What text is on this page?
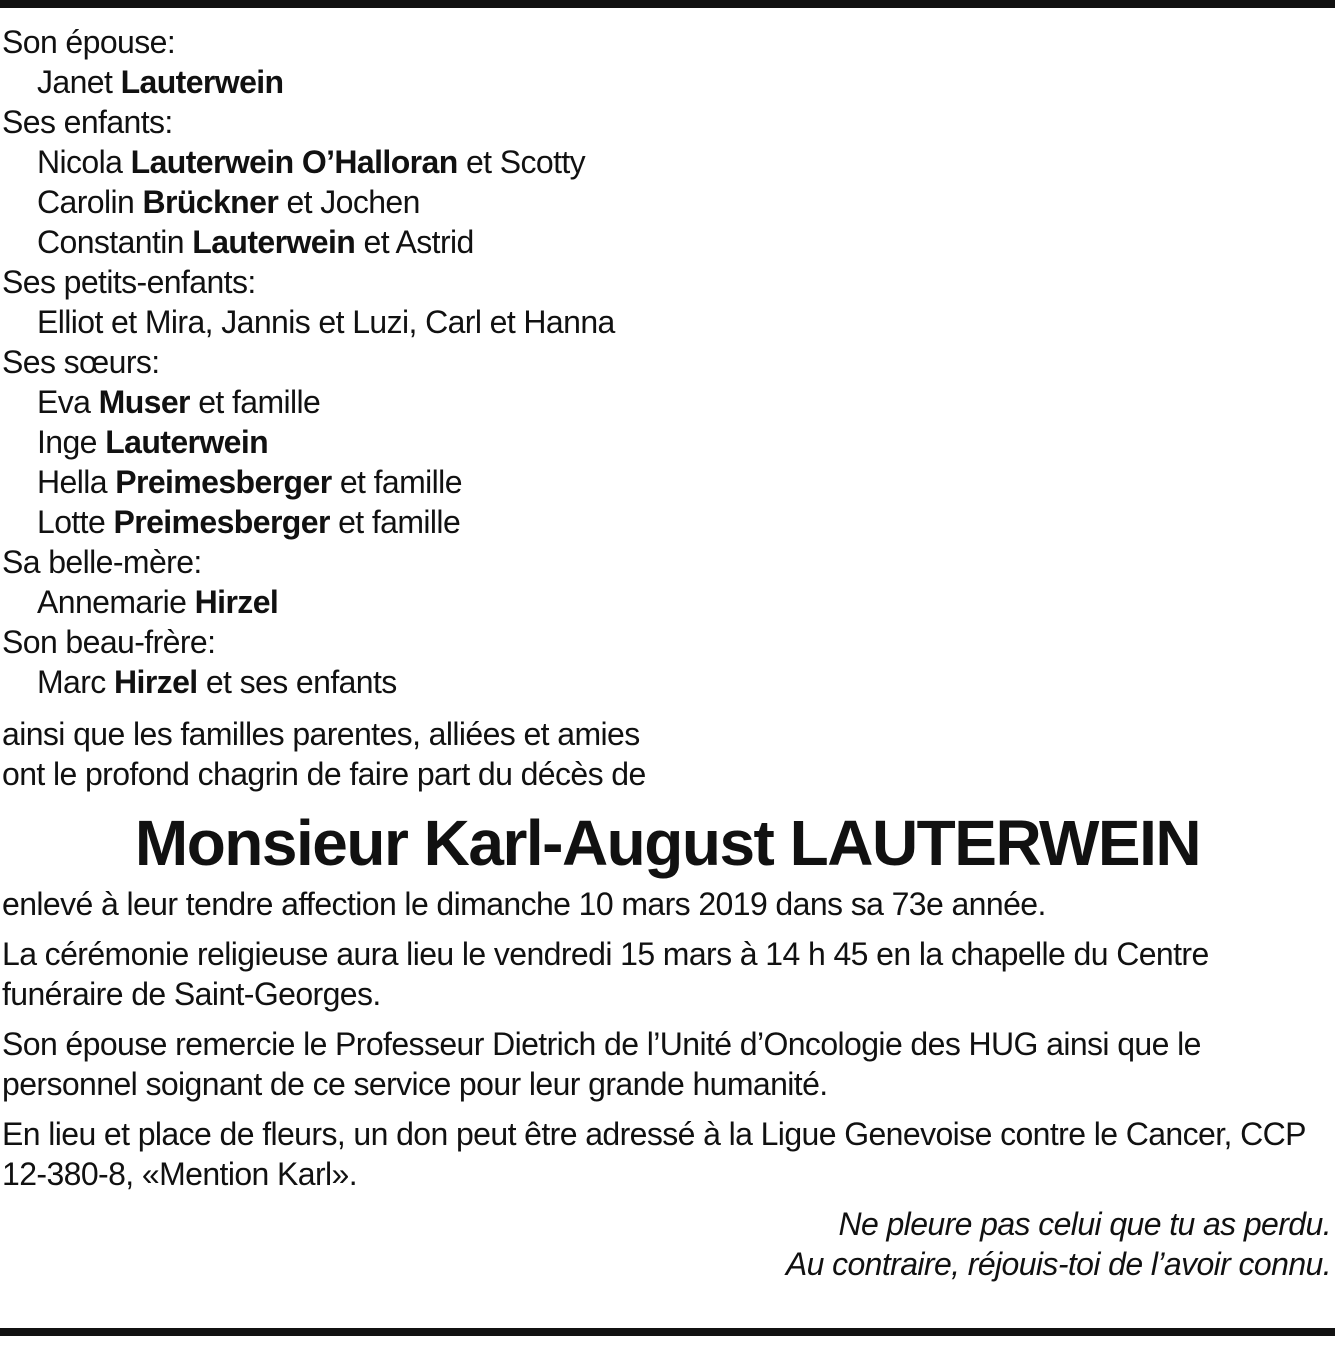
Son épouse:
Janet Lauterwein
Ses enfants:
Nicola Lauterwein O’Halloran et Scotty
Carolin Brückner et Jochen
Constantin Lauterwein et Astrid
Ses petits-enfants:
Elliot et Mira, Jannis et Luzi, Carl et Hanna
Ses sœurs:
Eva Muser et famille
Inge Lauterwein
Hella Preimesberger et famille
Lotte Preimesberger et famille
Sa belle-mère:
Annemarie Hirzel
Son beau-frère:
Marc Hirzel et ses enfants

ainsi que les familles parentes, alliées et amies

ont le profond chagrin de faire part du décès de

Monsieur Karl-August LAUTERWEIN

enlevé à leur tendre affection le dimanche 10 mars 2019 dans sa 73e année.

La cérémonie religieuse aura lieu le vendredi 15 mars à 14 h 45 en la chapelle du Centre funéraire de Saint-Georges.

Son épouse remercie le Professeur Dietrich de l’Unité d’Oncologie des HUG ainsi que le personnel soignant de ce service pour leur grande humanité.

En lieu et place de fleurs, un don peut être adressé à la Ligue Genevoise contre le Cancer, CCP 12-380-8, «Mention Karl».

Ne pleure pas celui que tu as perdu.

Au contraire, réjouis-toi de l’avoir connu.
